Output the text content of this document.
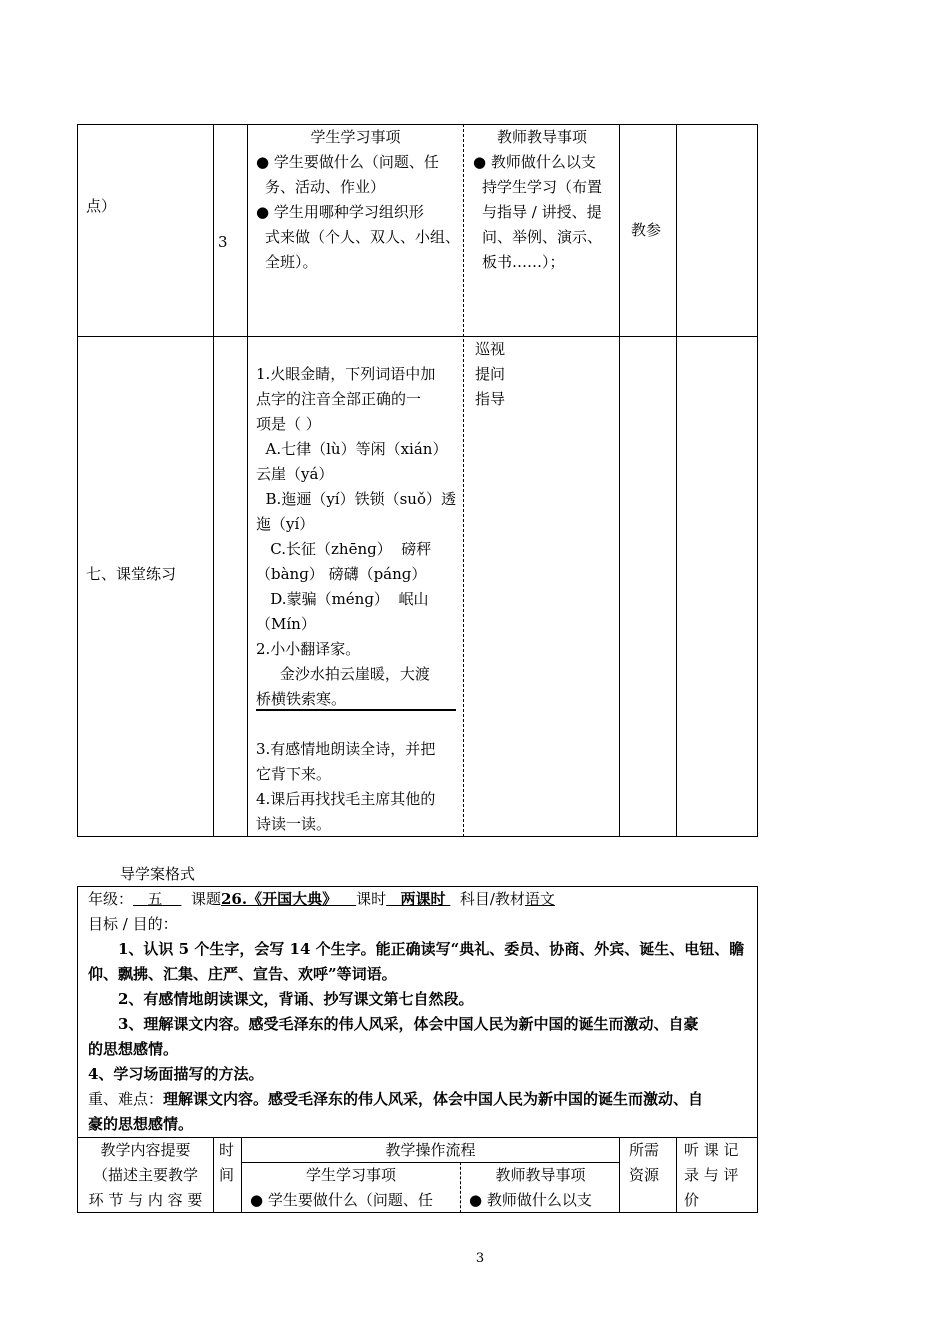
点）
3
学生学习事项
● 学生要做什么（问题、任
务、活动、作业）
● 学生用哪种学习组织形
式来做（个人、双人、小组、
全班）。
教师教导事项
● 教师做什么以支
持学生学习（布置
与指导 / 讲授、提
问、举例、演示、
板书……）；
教参
七、课堂练习
1.火眼金睛，下列词语中加
点字的注音全部正确的一
项是（ ）
A.七律（lù）等闲（xián）
云崖（yá）
B.迤逦（yí）铁锁（suǒ）透
迤（yí）
C.长征（zhēnɡ）  磅秤
（bànɡ） 磅礴（pánɡ）
D.蒙骗（ménɡ）  岷山
（Mín）
2.小小翻译家。
金沙水拍云崖暖，大渡
桥横铁索寒。
3.有感情地朗读全诗，并把
它背下来。
4.课后再找找毛主席其他的
诗读一读。
巡视
提问
指导
导学案格式
年级： 五 课题26.《开国大典》 课时 两课时 科目/教材语文
目标 / 目的：
1、认识 5 个生字，会写 14 个生字。能正确读写“典礼、委员、协商、外宾、诞生、电钮、瞻
仰、飘拂、汇集、庄严、宣告、欢呼”等词语。
2、有感情地朗读课文，背诵、抄写课文第七自然段。
3、理解课文内容。感受毛泽东的伟人风采，体会中国人民为新中国的诞生而激动、自豪
的思想感情。
4、学习场面描写的方法。
重、难点：理解课文内容。感受毛泽东的伟人风采，体会中国人民为新中国的诞生而激动、自
豪的思想感情。
教学内容提要
（描述主要教学
环 节 与 内 容 要
时
间
教学操作流程
学生学习事项	教师教导事项
● 学生要做什么（问题、任 ● 教师做什么以支
所需
资源
听 课 记
录 与 评
价
3
